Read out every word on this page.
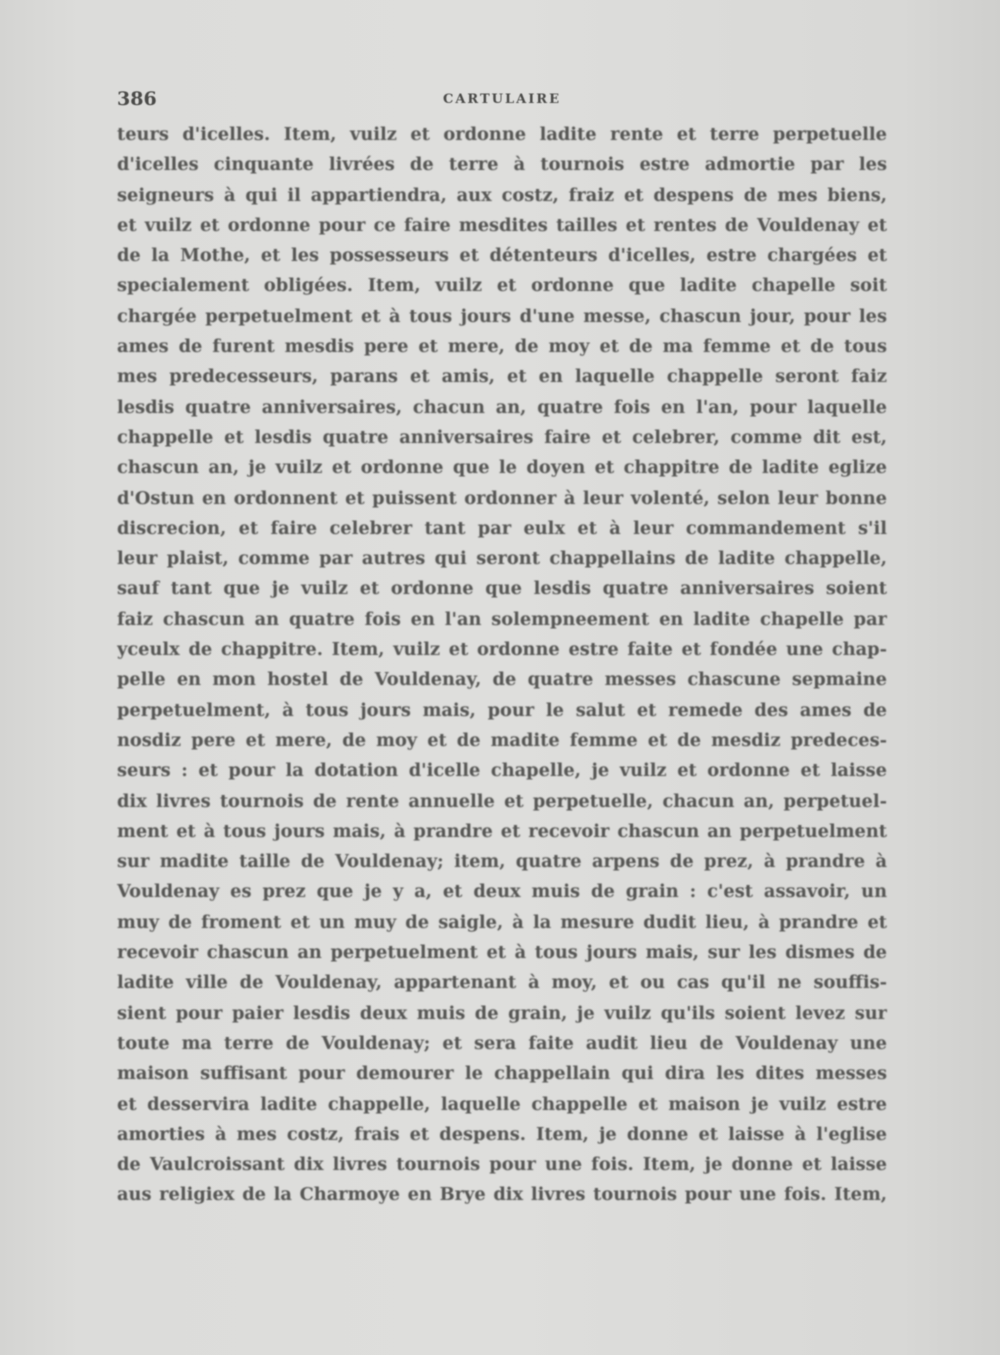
386	CARTULAIRE
teurs d'icelles. Item, vuilz et ordonne ladite rente et terre perpetuelle
d'icelles cinquante livrées de terre à tournois estre admortie par les
seigneurs à qui il appartiendra, aux costz, fraiz et despens de mes biens,
et vuilz et ordonne pour ce faire mesdites tailles et rentes de Vouldenay et
de la Mothe, et les possesseurs et détenteurs d'icelles, estre chargées et
specialement obligées. Item, vuilz et ordonne que ladite chapelle soit
chargée perpetuelment et à tous jours d'une messe, chascun jour, pour les
ames de furent mesdis pere et mere, de moy et de ma femme et de tous
mes predecesseurs, parans et amis, et en laquelle chappelle seront faiz
lesdis quatre anniversaires, chacun an, quatre fois en l'an, pour laquelle
chappelle et lesdis quatre anniversaires faire et celebrer, comme dit est,
chascun an, je vuilz et ordonne que le doyen et chappitre de ladite eglize
d'Ostun en ordonnent et puissent ordonner à leur volenté, selon leur bonne
discrecion, et faire celebrer tant par eulx et à leur commandement s'il
leur plaist, comme par autres qui seront chappellains de ladite chappelle,
sauf tant que je vuilz et ordonne que lesdis quatre anniversaires soient
faiz chascun an quatre fois en l'an solempneement en ladite chapelle par
yceulx de chappitre. Item, vuilz et ordonne estre faite et fondée une chap-
pelle en mon hostel de Vouldenay, de quatre messes chascune sepmaine
perpetuelment, à tous jours mais, pour le salut et remede des ames de
nosdiz pere et mere, de moy et de madite femme et de mesdiz predeces-
seurs : et pour la dotation d'icelle chapelle, je vuilz et ordonne et laisse
dix livres tournois de rente annuelle et perpetuelle, chacun an, perpetuel-
ment et à tous jours mais, à prandre et recevoir chascun an perpetuelment
sur madite taille de Vouldenay; item, quatre arpens de prez, à prandre à
Vouldenay es prez que je y a, et deux muis de grain : c'est assavoir, un
muy de froment et un muy de saigle, à la mesure dudit lieu, à prandre et
recevoir chascun an perpetuelment et à tous jours mais, sur les dismes de
ladite ville de Vouldenay, appartenant à moy, et ou cas qu'il ne souffis-
sient pour paier lesdis deux muis de grain, je vuilz qu'ils soient levez sur
toute ma terre de Vouldenay; et sera faite audit lieu de Vouldenay une
maison suffisant pour demourer le chappellain qui dira les dites messes
et desservira ladite chappelle, laquelle chappelle et maison je vuilz estre
amorties à mes costz, frais et despens. Item, je donne et laisse à l'eglise
de Vaulcroissant dix livres tournois pour une fois. Item, je donne et laisse
aus religiex de la Charmoye en Brye dix livres tournois pour une fois. Item,
